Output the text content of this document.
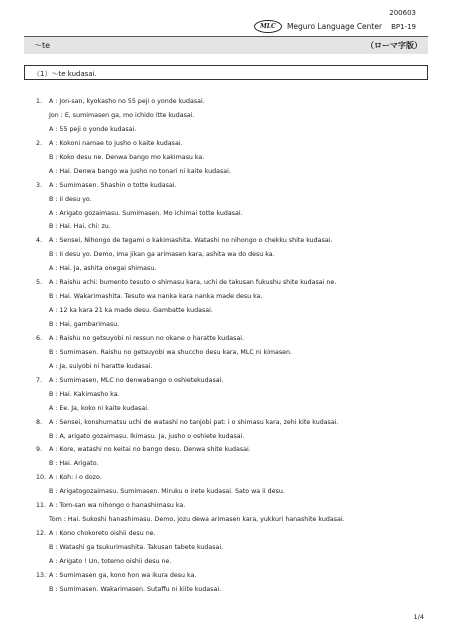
200603
MLC	Meguro Language Center BP1-19
～te	（ローマ字版）
（1）～te kudasai.
1. A : Jon-san, kyokasho no 55 peji o yonde kudasai.
Jon : E, sumimasen ga, mo ichido itte kudasai.
A : 55 peji o yonde kudasai.
2. A : Kokoni namae to jusho o kaite kudasai.
B : Koko desu ne. Denwa bango mo kakimasu ka.
A : Hai. Denwa bango wa jusho no tonari ni kaite kudasai.
3. A : Sumimasen. Shashin o totte kudasai.
B : Ii desu yo.
A : Arigato gozaimasu. Sumimasen. Mo ichimai totte kudasai.
B : Hai. Hai, chi: zu.
4. A : Sensei, Nihongo de tegami o kakimashita. Watashi no nihongo o chekku shite kudasai.
B : Ii desu yo. Demo, ima jikan ga arimasen kara, ashita wa do desu ka.
A : Hai. Ja, ashita onegai shimasu.
5. A : Raishu achi: bumento tesuto o shimasu kara, uchi de takusan fukushu shite kudasai ne.
B : Hai. Wakarimashita. Tesuto wa nanka kara nanka made desu ka.
A : 12 ka kara 21 ka made desu. Gambatte kudasai.
B : Hai, gambarimasu.
6. A : Raishu no getsuyobi ni ressun no okane o haratte kudasai.
B : Sumimasen. Raishu no getsuyobi wa shuccho desu kara, MLC ni kimasen.
A : Ja, suiyobi ni haratte kudasai.
7. A : Sumimasen, MLC no denwabango o oshietekudasai.
B : Hai. Kakimasho ka.
A : Ee. Ja, koko ni kaite kudasai.
8. A : Sensei, konshumatsu uchi de watashi no tanjobi pat: i o shimasu kara, zehi kite kudasai.
B : A, arigato gozaimasu. Ikimasu. Ja, jusho o oshiete kudasai.
9. A : Kore, watashi no keitai no bango desu. Denwa shite kudasai.
B : Hai. Arigato.
10. A : Koh: i o dozo.
B : Arigatogozaimasu. Sumimasen. Miruku o irete kudasai. Sato wa ii desu.
11. A : Tom-san wa nihongo o hanashimasu ka.
Tom : Hai. Sukoshi hanashimasu. Demo, jozu dewa arimasen kara, yukkuri hanashite kudasai.
12. A : Kono chokoreto oishii desu ne.
B : Watashi ga tsukurimashita. Takusan tabete kudasai.
A : Arigato ! Un, totemo oishii desu ne.
13. A : Sumimasen ga, kono hon wa ikura desu ka.
B : Sumimasen. Wakarimasen. Sutaffu ni kiite kudasai.
1/4
